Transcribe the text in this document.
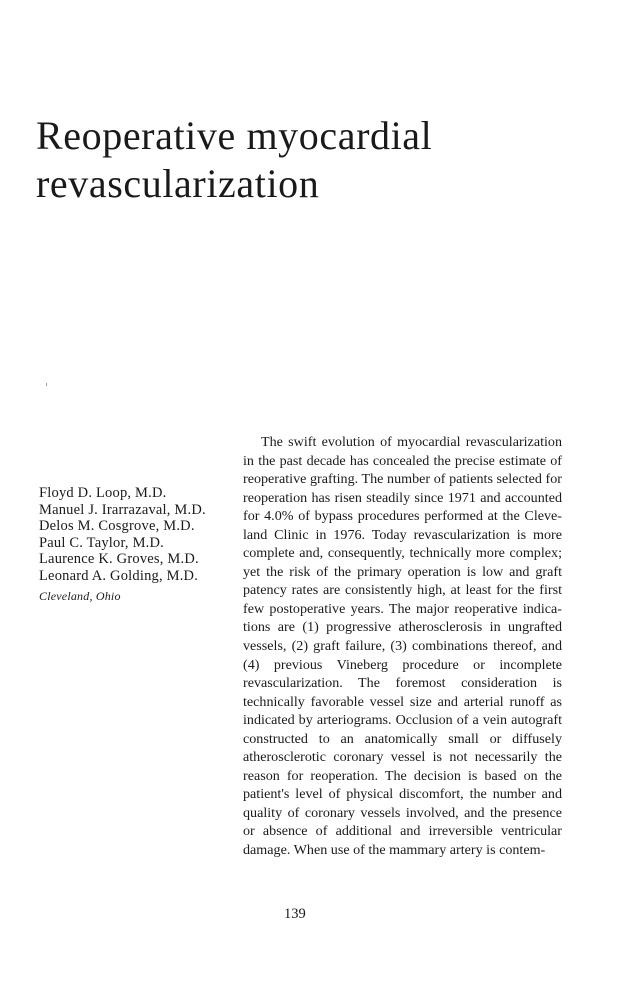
Reoperative myocardial
revascularization
Floyd D. Loop, M.D.
Manuel J. Irarrazaval, M.D.
Delos M. Cosgrove, M.D.
Paul C. Taylor, M.D.
Laurence K. Groves, M.D.
Leonard A. Golding, M.D.
Cleveland, Ohio

The swift evolution of myocardial revascularization in the past decade has concealed the precise estimate of reoperative grafting. The number of patients selected for reoperation has risen steadily since 1971 and accounted for 4.0% of bypass procedures performed at the Cleveland Clinic in 1976. Today revascularization is more complete and, consequently, technically more complex; yet the risk of the primary operation is low and graft patency rates are consistently high, at least for the first few postoperative years. The major reoperative indications are (1) progressive atherosclerosis in ungrafted vessels, (2) graft failure, (3) combinations thereof, and (4) previous Vineberg procedure or incomplete revascularization. The foremost consideration is technically favorable vessel size and arterial runoff as indicated by arteriograms. Occlusion of a vein autograft constructed to an anatomically small or diffusely atherosclerotic coronary vessel is not necessarily the reason for reoperation. The decision is based on the patient's level of physical discomfort, the number and quality of coronary vessels involved, and the presence or absence of additional and irreversible ventricular damage. When use of the mammary artery is contem-

139
